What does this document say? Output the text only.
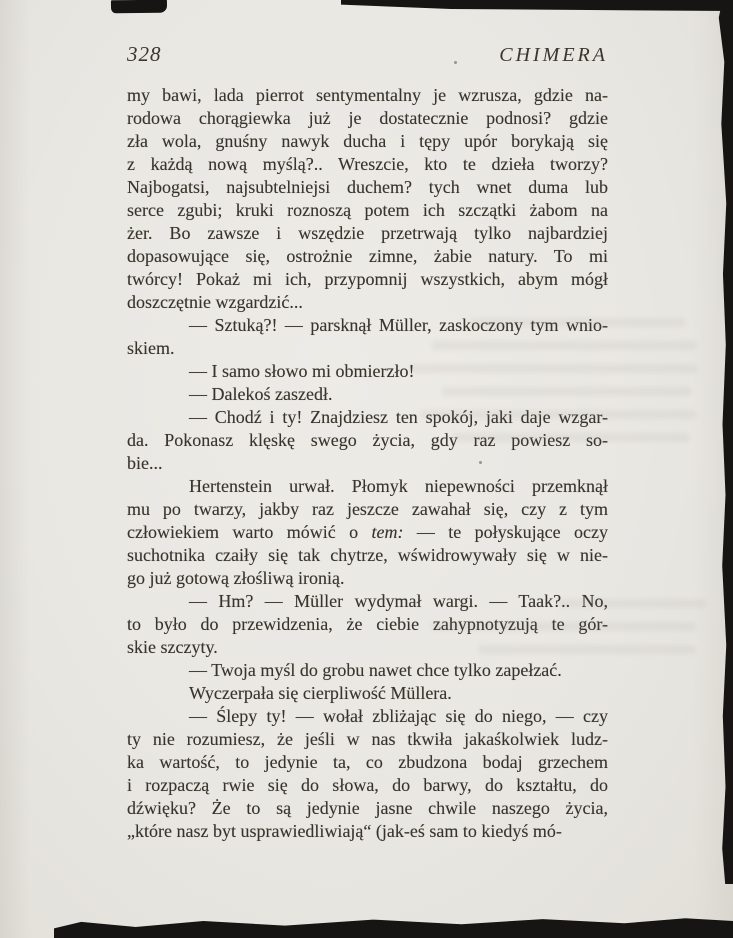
328	CHIMERA
my bawi, lada pierrot sentymentalny je wzrusza, gdzie na-
rodowa chorągiewka już je dostatecznie podnosi? gdzie
zła wola, gnuśny nawyk ducha i tępy upór borykają się
z każdą nową myślą?.. Wreszcie, kto te dzieła tworzy?
Najbogatsi, najsubtelniejsi duchem? tych wnet duma lub
serce zgubi; kruki roznoszą potem ich szczątki żabom na
żer. Bo zawsze i wszędzie przetrwają tylko najbardziej
dopasowujące się, ostrożnie zimne, żabie natury. To mi
twórcy! Pokaż mi ich, przypomnij wszystkich, abym mógł
doszczętnie wzgardzić...
— Sztuką?! — parsknął Müller, zaskoczony tym wnio-
skiem.
— I samo słowo mi obmierzło!
— Dalekoś zaszedł.
— Chodź i ty! Znajdziesz ten spokój, jaki daje wzgar-
da. Pokonasz klęskę swego życia, gdy raz powiesz so-
bie...
Hertenstein urwał. Płomyk niepewności przemknął
mu po twarzy, jakby raz jeszcze zawahał się, czy z tym
człowiekiem warto mówić o tem: — te połyskujące oczy
suchotnika czaiły się tak chytrze, wświdrowywały się w nie-
go już gotową złośliwą ironią.
— Hm? — Müller wydymał wargi. — Taak?.. No,
to było do przewidzenia, że ciebie zahypnotyzują te gór-
skie szczyty.
— Twoja myśl do grobu nawet chce tylko zapełzać.
Wyczerpała się cierpliwość Müllera.
— Ślepy ty! — wołał zbliżając się do niego, — czy
ty nie rozumiesz, że jeśli w nas tkwiła jakaśkolwiek ludz-
ka wartość, to jedynie ta, co zbudzona bodaj grzechem
i rozpaczą rwie się do słowa, do barwy, do kształtu, do
dźwięku? Że to są jedynie jasne chwile naszego życia,
„które nasz byt usprawiedliwiają“ (jak-eś sam to kiedyś mó-
